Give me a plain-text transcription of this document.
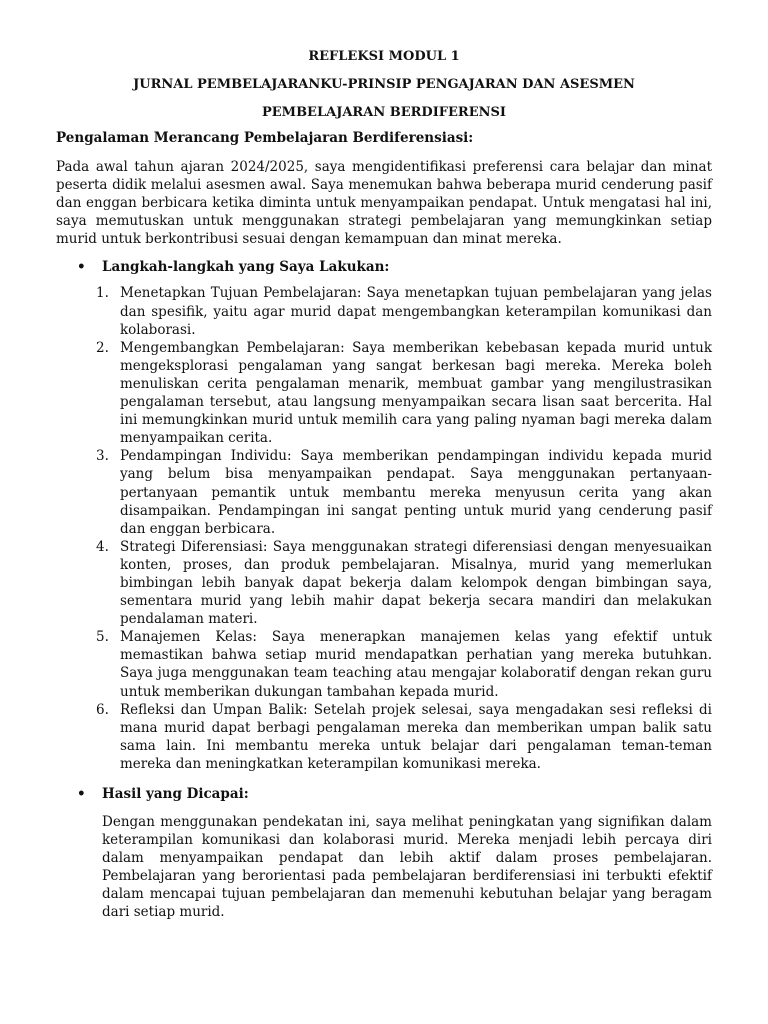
REFLEKSI MODUL 1
JURNAL PEMBELAJARANKU-PRINSIP PENGAJARAN DAN ASESMEN
PEMBELAJARAN BERDIFERENSI
Pengalaman Merancang Pembelajaran Berdiferensiasi:

Pada awal tahun ajaran 2024/2025, saya mengidentifikasi preferensi cara belajar dan minat peserta didik melalui asesmen awal. Saya menemukan bahwa beberapa murid cenderung pasif dan enggan berbicara ketika diminta untuk menyampaikan pendapat. Untuk mengatasi hal ini, saya memutuskan untuk menggunakan strategi pembelajaran yang memungkinkan setiap murid untuk berkontribusi sesuai dengan kemampuan dan minat mereka.

• Langkah-langkah yang Saya Lakukan:
1. Menetapkan Tujuan Pembelajaran: Saya menetapkan tujuan pembelajaran yang jelas dan spesifik, yaitu agar murid dapat mengembangkan keterampilan komunikasi dan kolaborasi.
2. Mengembangkan Pembelajaran: Saya memberikan kebebasan kepada murid untuk mengeksplorasi pengalaman yang sangat berkesan bagi mereka. Mereka boleh menuliskan cerita pengalaman menarik, membuat gambar yang mengilustrasikan pengalaman tersebut, atau langsung menyampaikan secara lisan saat bercerita. Hal ini memungkinkan murid untuk memilih cara yang paling nyaman bagi mereka dalam menyampaikan cerita.
3. Pendampingan Individu: Saya memberikan pendampingan individu kepada murid yang belum bisa menyampaikan pendapat. Saya menggunakan pertanyaan-pertanyaan pemantik untuk membantu mereka menyusun cerita yang akan disampaikan. Pendampingan ini sangat penting untuk murid yang cenderung pasif dan enggan berbicara.
4. Strategi Diferensiasi: Saya menggunakan strategi diferensiasi dengan menyesuaikan konten, proses, dan produk pembelajaran. Misalnya, murid yang memerlukan bimbingan lebih banyak dapat bekerja dalam kelompok dengan bimbingan saya, sementara murid yang lebih mahir dapat bekerja secara mandiri dan melakukan pendalaman materi.
5. Manajemen Kelas: Saya menerapkan manajemen kelas yang efektif untuk memastikan bahwa setiap murid mendapatkan perhatian yang mereka butuhkan. Saya juga menggunakan team teaching atau mengajar kolaboratif dengan rekan guru untuk memberikan dukungan tambahan kepada murid.
6. Refleksi dan Umpan Balik: Setelah projek selesai, saya mengadakan sesi refleksi di mana murid dapat berbagi pengalaman mereka dan memberikan umpan balik satu sama lain. Ini membantu mereka untuk belajar dari pengalaman teman-teman mereka dan meningkatkan keterampilan komunikasi mereka.
• Hasil yang Dicapai:

Dengan menggunakan pendekatan ini, saya melihat peningkatan yang signifikan dalam keterampilan komunikasi dan kolaborasi murid. Mereka menjadi lebih percaya diri dalam menyampaikan pendapat dan lebih aktif dalam proses pembelajaran. Pembelajaran yang berorientasi pada pembelajaran berdiferensiasi ini terbukti efektif dalam mencapai tujuan pembelajaran dan memenuhi kebutuhan belajar yang beragam dari setiap murid.
